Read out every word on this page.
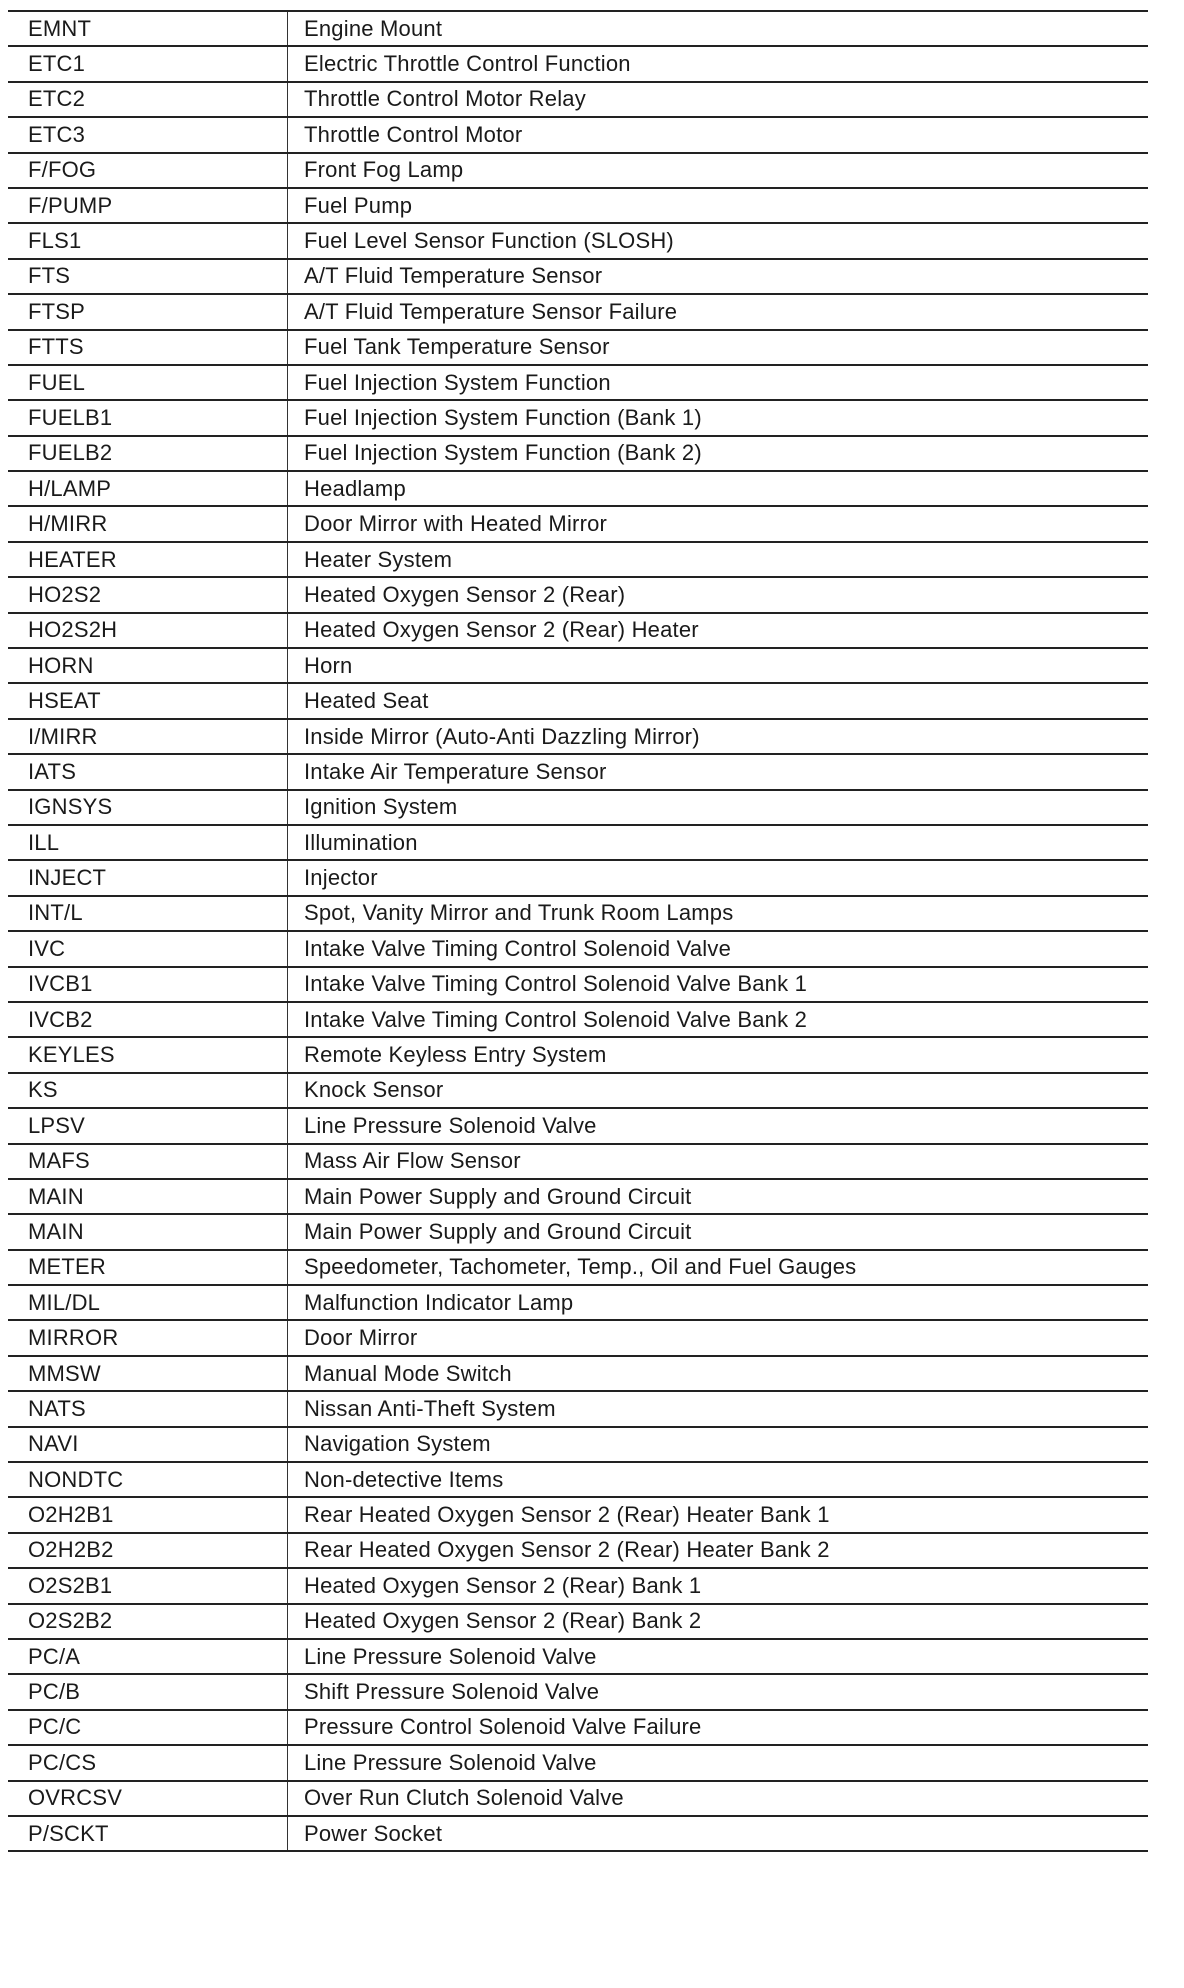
EMNT	Engine Mount
ETC1	Electric Throttle Control Function
ETC2	Throttle Control Motor Relay
ETC3	Throttle Control Motor
F/FOG	Front Fog Lamp
F/PUMP	Fuel Pump
FLS1	Fuel Level Sensor Function (SLOSH)
FTS	A/T Fluid Temperature Sensor
FTSP	A/T Fluid Temperature Sensor Failure
FTTS	Fuel Tank Temperature Sensor
FUEL	Fuel Injection System Function
FUELB1	Fuel Injection System Function (Bank 1)
FUELB2	Fuel Injection System Function (Bank 2)
H/LAMP	Headlamp
H/MIRR	Door Mirror with Heated Mirror
HEATER	Heater System
HO2S2	Heated Oxygen Sensor 2 (Rear)
HO2S2H	Heated Oxygen Sensor 2 (Rear) Heater
HORN	Horn
HSEAT	Heated Seat
I/MIRR	Inside Mirror (Auto-Anti Dazzling Mirror)
IATS	Intake Air Temperature Sensor
IGNSYS	Ignition System
ILL	Illumination
INJECT	Injector
INT/L	Spot, Vanity Mirror and Trunk Room Lamps
IVC	Intake Valve Timing Control Solenoid Valve
IVCB1	Intake Valve Timing Control Solenoid Valve Bank 1
IVCB2	Intake Valve Timing Control Solenoid Valve Bank 2
KEYLES	Remote Keyless Entry System
KS	Knock Sensor
LPSV	Line Pressure Solenoid Valve
MAFS	Mass Air Flow Sensor
MAIN	Main Power Supply and Ground Circuit
MAIN	Main Power Supply and Ground Circuit
METER	Speedometer, Tachometer, Temp., Oil and Fuel Gauges
MIL/DL	Malfunction Indicator Lamp
MIRROR	Door Mirror
MMSW	Manual Mode Switch
NATS	Nissan Anti-Theft System
NAVI	Navigation System
NONDTC	Non-detective Items
O2H2B1	Rear Heated Oxygen Sensor 2 (Rear) Heater Bank 1
O2H2B2	Rear Heated Oxygen Sensor 2 (Rear) Heater Bank 2
O2S2B1	Heated Oxygen Sensor 2 (Rear) Bank 1
O2S2B2	Heated Oxygen Sensor 2 (Rear) Bank 2
PC/A	Line Pressure Solenoid Valve
PC/B	Shift Pressure Solenoid Valve
PC/C	Pressure Control Solenoid Valve Failure
PC/CS	Line Pressure Solenoid Valve
OVRCSV	Over Run Clutch Solenoid Valve
P/SCKT	Power Socket
